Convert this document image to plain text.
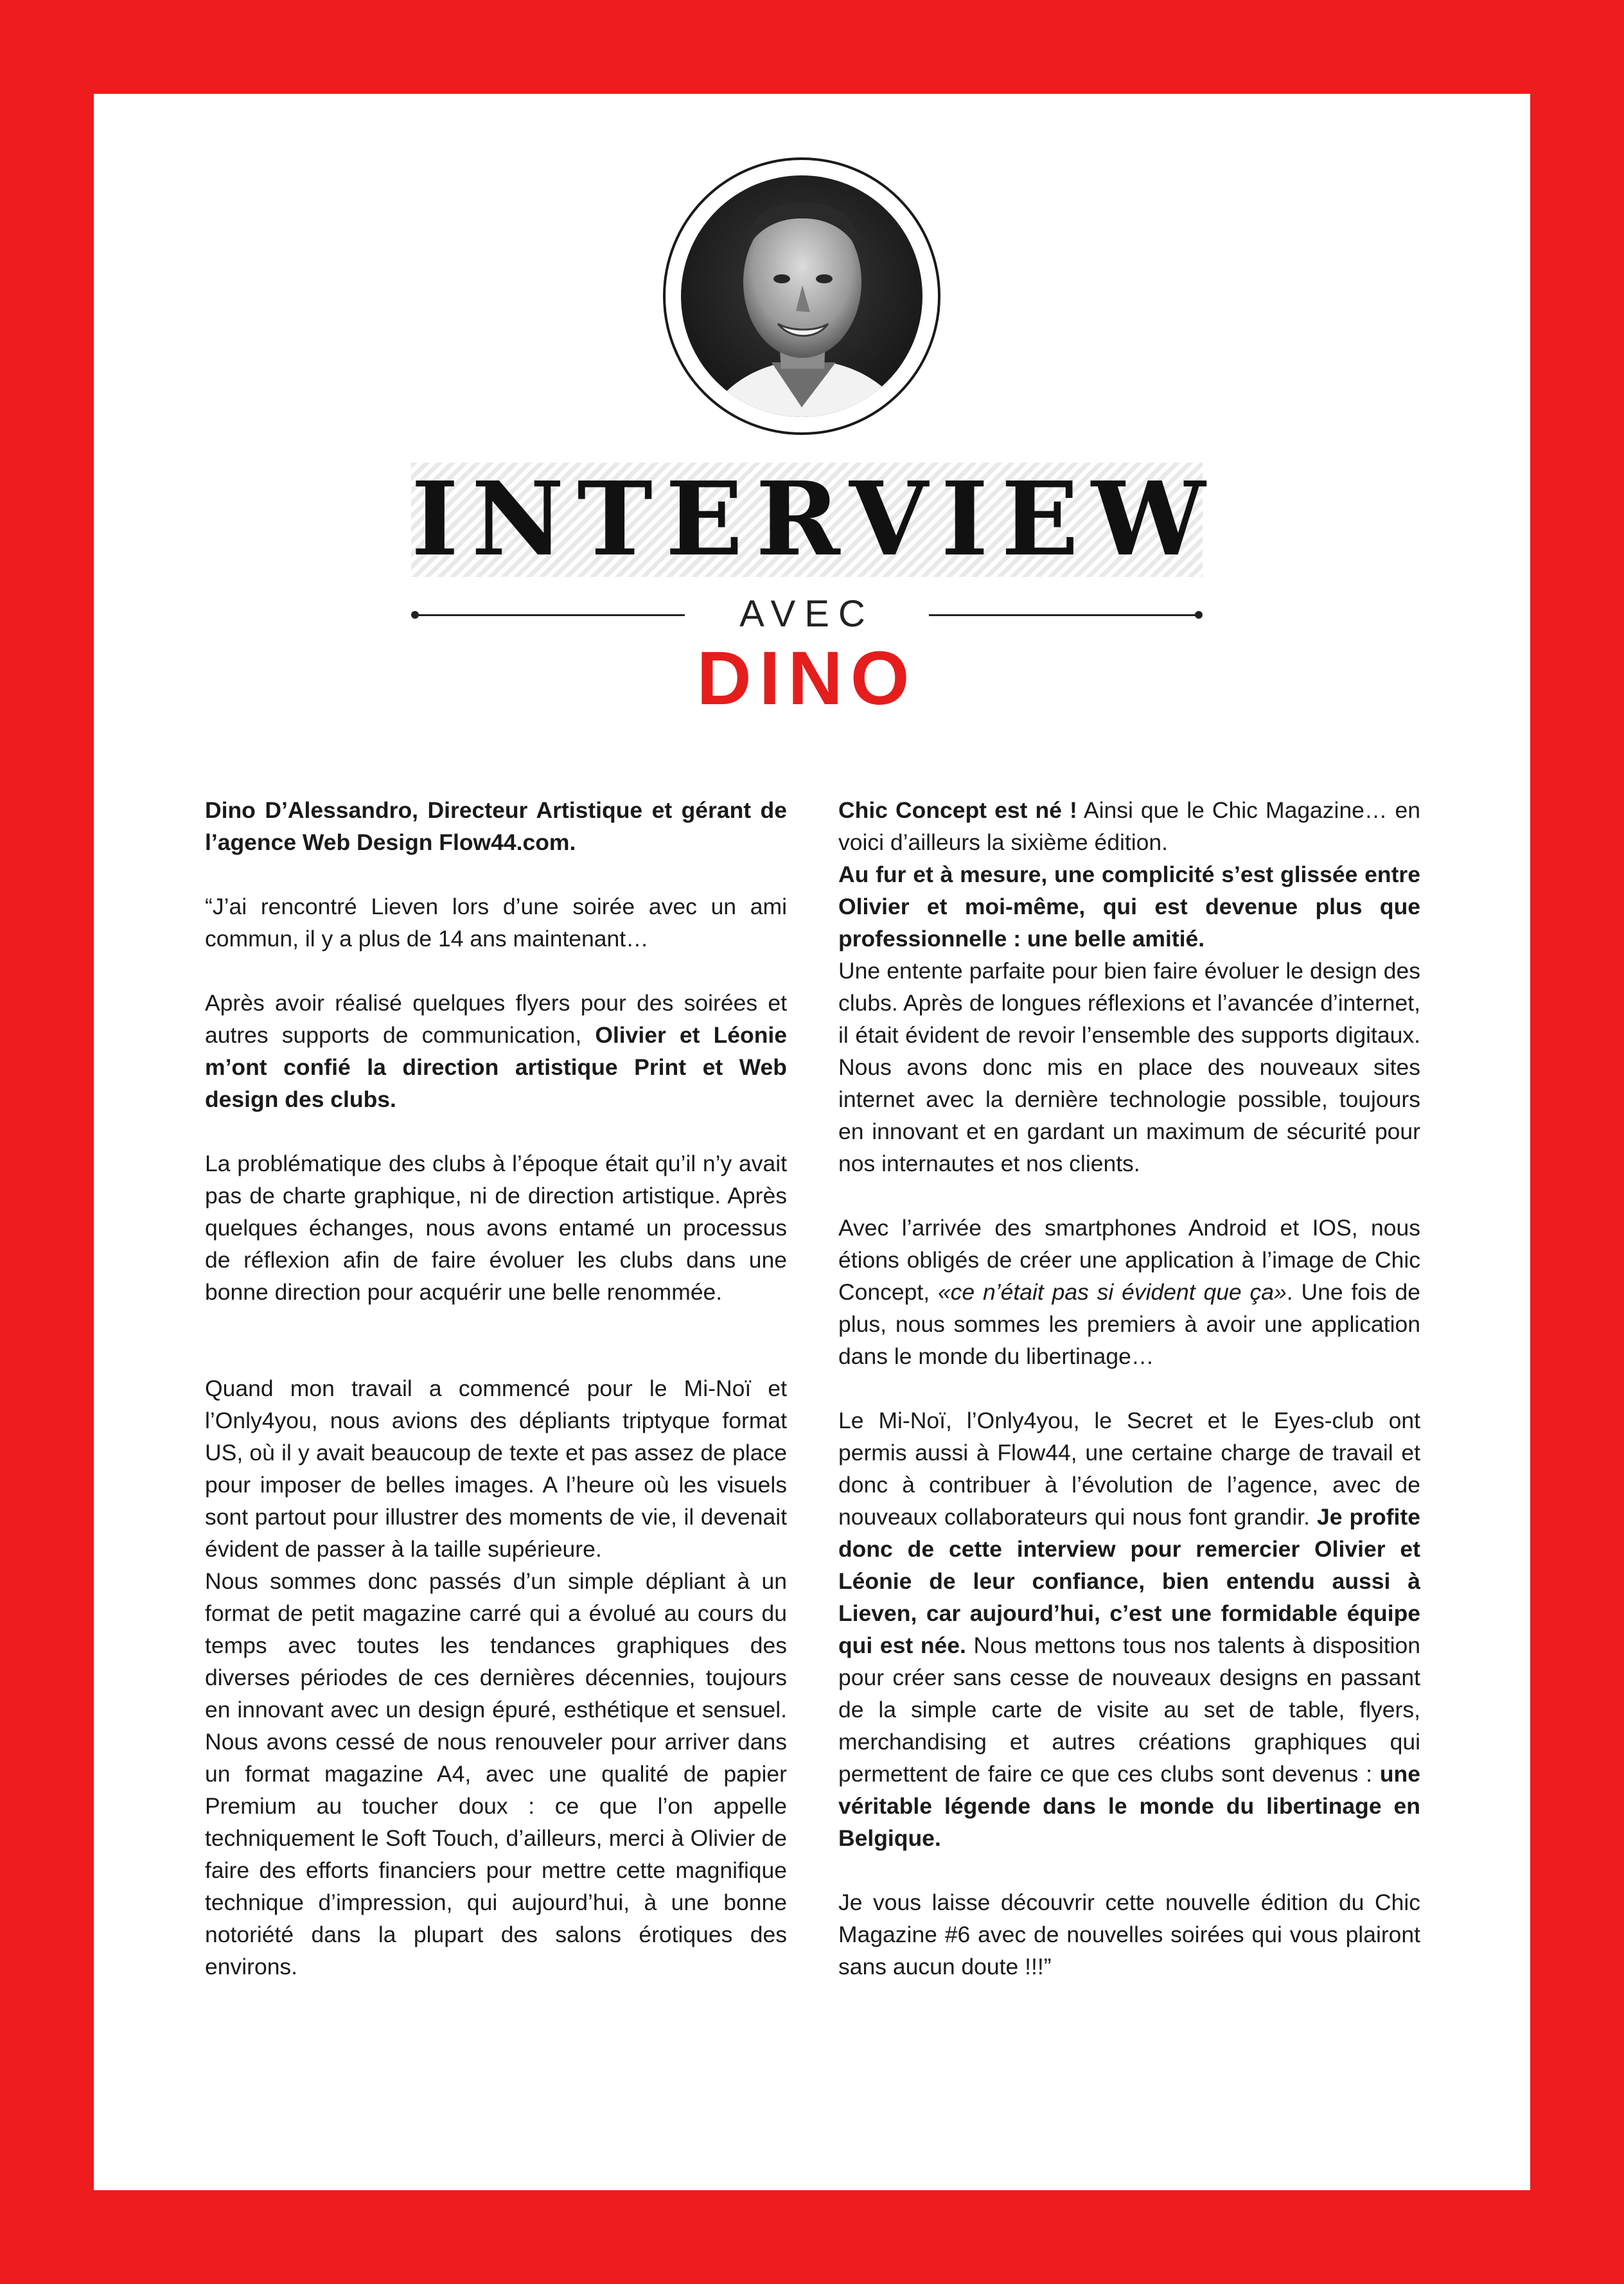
INTERVIEW
AVEC
DINO

Dino D’Alessandro, Directeur Artistique et gérant de l’agence Web Design Flow44.com.

“J’ai rencontré Lieven lors d’une soirée avec un ami commun, il y a plus de 14 ans maintenant…

Après avoir réalisé quelques flyers pour des soirées et autres supports de communication, Olivier et Léonie m’ont confié la direction artistique Print et Web design des clubs.

La problématique des clubs à l’époque était qu’il n’y avait pas de charte graphique, ni de direction artistique. Après quelques échanges, nous avons entamé un processus de réflexion afin de faire évoluer les clubs dans une bonne direction pour acquérir une belle renommée.

Quand mon travail a commencé pour le Mi-Noï et l’Only4you, nous avions des dépliants triptyque format US, où il y avait beaucoup de texte et pas assez de place pour imposer de belles images. A l’heure où les visuels sont partout pour illustrer des moments de vie, il devenait évident de passer à la taille supérieure.

Nous sommes donc passés d’un simple dépliant à un format de petit magazine carré qui a évolué au cours du temps avec toutes les tendances graphiques des diverses périodes de ces dernières décennies, toujours en innovant avec un design épuré, esthétique et sensuel. Nous avons cessé de nous renouveler pour arriver dans un format magazine A4, avec une qualité de papier Premium au toucher doux : ce que l’on appelle techniquement le Soft Touch, d’ailleurs, merci à Olivier de faire des efforts financiers pour mettre cette magnifique technique d’impression, qui aujourd’hui, à une bonne notoriété dans la plupart des salons érotiques des environs.

Chic Concept est né ! Ainsi que le Chic Magazine… en voici d’ailleurs la sixième édition.

Au fur et à mesure, une complicité s’est glissée entre Olivier et moi-même, qui est devenue plus que professionnelle : une belle amitié.

Une entente parfaite pour bien faire évoluer le design des clubs. Après de longues réflexions et l’avancée d’internet, il était évident de revoir l’ensemble des supports digitaux. Nous avons donc mis en place des nouveaux sites internet avec la dernière technologie possible, toujours en innovant et en gardant un maximum de sécurité pour nos internautes et nos clients.

Avec l’arrivée des smartphones Android et IOS, nous étions obligés de créer une application à l’image de Chic Concept, «ce n’était pas si évident que ça». Une fois de plus, nous sommes les premiers à avoir une application dans le monde du libertinage…

Le Mi-Noï, l’Only4you, le Secret et le Eyes-club ont permis aussi à Flow44, une certaine charge de travail et donc à contribuer à l’évolution de l’agence, avec de nouveaux collaborateurs qui nous font grandir. Je profite donc de cette interview pour remercier Olivier et Léonie de leur confiance, bien entendu aussi à Lieven, car aujourd’hui, c’est une formidable équipe qui est née. Nous mettons tous nos talents à disposition pour créer sans cesse de nouveaux designs en passant de la simple carte de visite au set de table, flyers, merchandising et autres créations graphiques qui permettent de faire ce que ces clubs sont devenus : une véritable légende dans le monde du libertinage en Belgique.

Je vous laisse découvrir cette nouvelle édition du Chic Magazine #6 avec de nouvelles soirées qui vous plairont sans aucun doute !!!”
